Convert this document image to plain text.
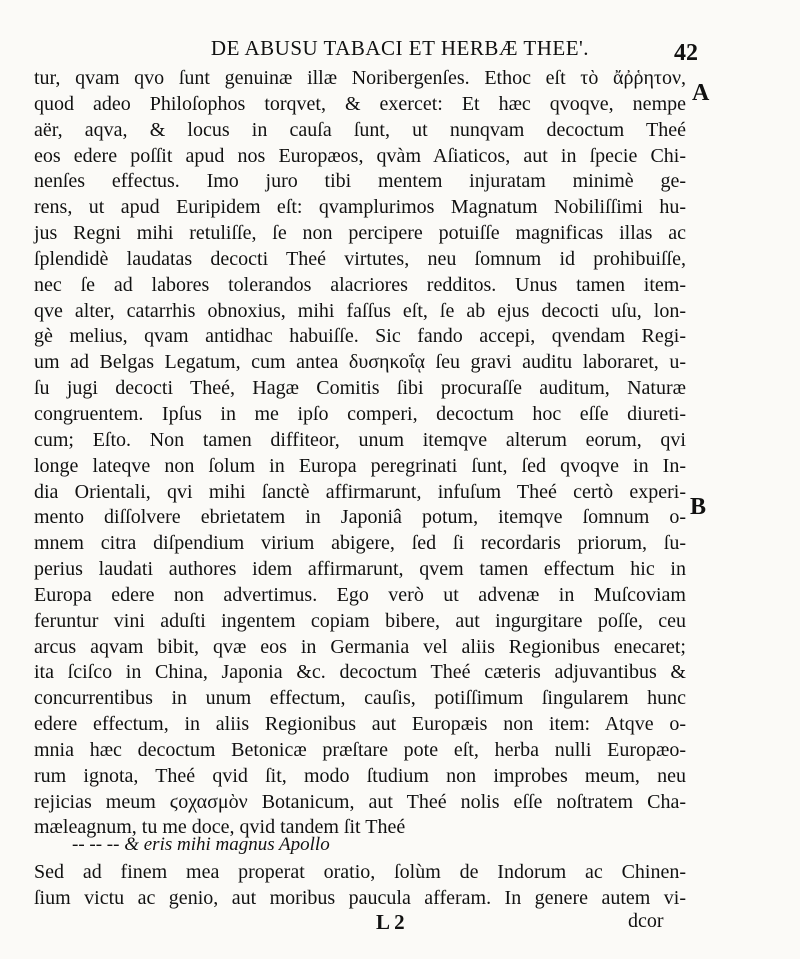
DE ABUSU TABACI ET HERBÆ THEE'.	42
A
B
tur, qvam qvo ſunt genuinæ illæ Noribergenſes. Ethoc eſt τὸ ἄῤῥητον,
quod adeo Philoſophos torqvet, & exercet: Et hæc qvoqve, nempe
aër, aqva, & locus in cauſa ſunt, ut nunqvam decoctum Theé
eos edere poſſit apud nos Europæos, qvàm Aſiaticos, aut in ſpecie Chi-
nenſes effectus. Imo juro tibi mentem injuratam minimè ge-
rens, ut apud Euripidem eſt: qvamplurimos Magnatum Nobiliſſimi hu-
jus Regni mihi retuliſſe, ſe non percipere potuiſſe magnificas illas ac
ſplendidè laudatas decocti Theé virtutes, neu ſomnum id prohibuiſſe,
nec ſe ad labores tolerandos alacriores redditos. Unus tamen item-
qve alter, catarrhis obnoxius, mihi faſſus eſt, ſe ab ejus decocti uſu, lon-
gè melius, qvam antidhac habuiſſe. Sic fando accepi, qvendam Regi-
um ad Belgas Legatum, cum antea δυσηκοΐᾳ ſeu gravi auditu laboraret, u-
ſu jugi decocti Theé, Hagæ Comitis ſibi procuraſſe auditum, Naturæ
congruentem. Ipſus in me ipſo comperi, decoctum hoc eſſe diureti-
cum; Eſto. Non tamen diffiteor, unum itemqve alterum eorum, qvi
longe lateqve non ſolum in Europa peregrinati ſunt, ſed qvoqve in In-
dia Orientali, qvi mihi ſanctè affirmarunt, infuſum Theé certò experi-
mento diſſolvere ebrietatem in Japoniâ potum, itemqve ſomnum o-
mnem citra diſpendium virium abigere, ſed ſi recordaris priorum, ſu-
perius laudati authores idem affirmarunt, qvem tamen effectum hic in
Europa edere non advertimus. Ego verò ut advenæ in Muſcoviam
feruntur vini aduſti ingentem copiam bibere, aut ingurgitare poſſe, ceu
arcus aqvam bibit, qvæ eos in Germania vel aliis Regionibus enecaret;
ita ſciſco in China, Japonia &c. decoctum Theé cæteris adjuvantibus &
concurrentibus in unum effectum, cauſis, potiſſimum ſingularem hunc
edere effectum, in aliis Regionibus aut Europæis non item: Atqve o-
mnia hæc decoctum Betonicæ præſtare pote eſt, herba nulli Europæo-
rum ignota, Theé qvid ſit, modo ſtudium non improbes meum, neu
rejicias meum ϛοχασμὸν Botanicum, aut Theé nolis eſſe noſtratem Cha-
mæleagnum, tu me doce, qvid tandem ſit Theé
-- -- -- & eris mihi magnus Apollo
Sed ad finem mea properat oratio, ſolùm de Indorum ac Chinen-
ſium victu ac genio, aut moribus paucula afferam. In genere autem vi-
L 2	dcor
